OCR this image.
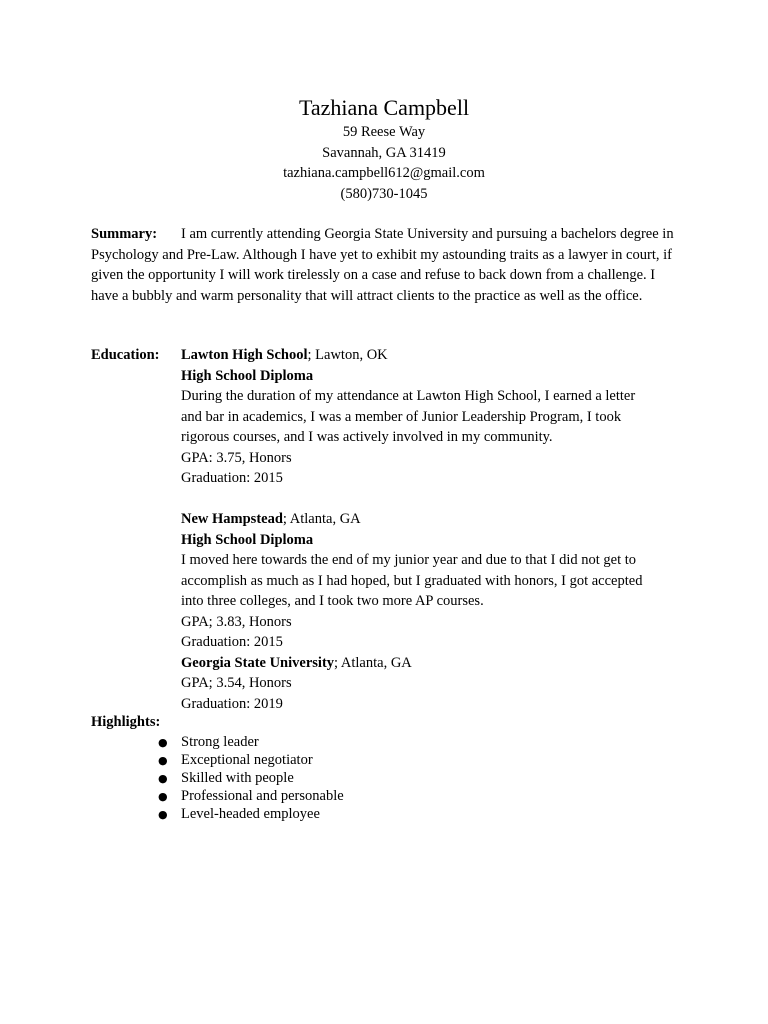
Tazhiana Campbell
59 Reese Way
Savannah, GA 31419
tazhiana.campbell612@gmail.com
(580)730-1045
Summary: I am currently attending Georgia State University and pursuing a bachelors degree in Psychology and Pre-Law. Although I have yet to exhibit my astounding traits as a lawyer in court, if given the opportunity I will work tirelessly on a case and refuse to back down from a challenge. I have a bubbly and warm personality that will attract clients to the practice as well as the office.
Education: Lawton High School; Lawton, OK
High School Diploma
During the duration of my attendance at Lawton High School, I earned a letter
and bar in academics, I was a member of Junior Leadership Program, I took
rigorous courses, and I was actively involved in my community.
GPA: 3.75, Honors
Graduation: 2015
New Hampstead; Atlanta, GA
High School Diploma
I moved here towards the end of my junior year and due to that I did not get to
accomplish as much as I had hoped, but I graduated with honors, I got accepted
into three colleges, and I took two more AP courses.
GPA; 3.83, Honors
Graduation: 2015
Georgia State University; Atlanta, GA
GPA; 3.54, Honors
Graduation: 2019
Highlights:
● Strong leader
● Exceptional negotiator
● Skilled with people
● Professional and personable
● Level-headed employee
